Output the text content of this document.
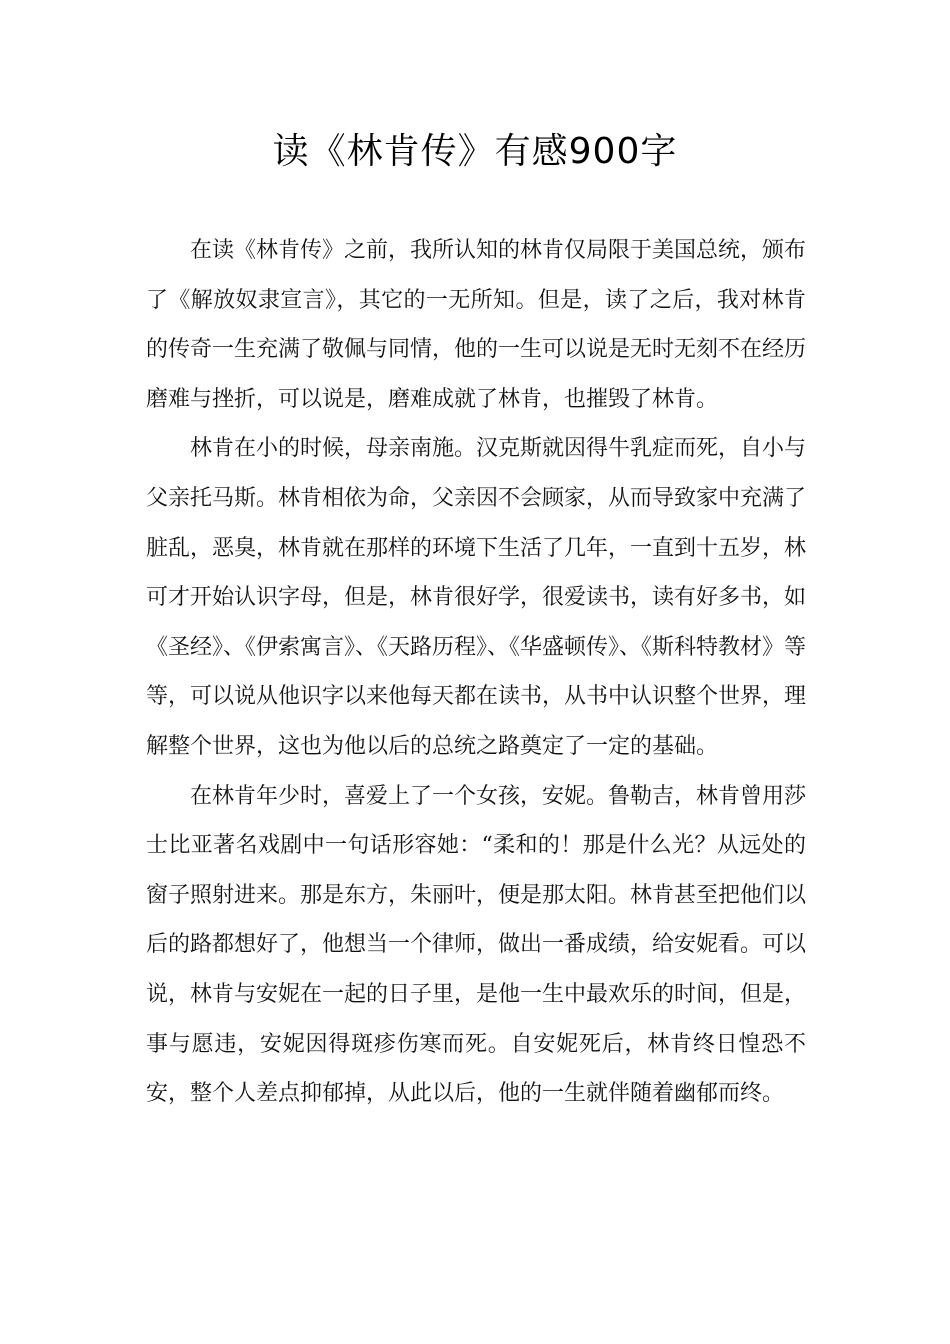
读《林肯传》有感900字

在读《林肯传》之前，我所认知的林肯仅局限于美国总统，颁布了《解放奴隶宣言》，其它的一无所知。但是，读了之后，我对林肯的传奇一生充满了敬佩与同情，他的一生可以说是无时无刻不在经历磨难与挫折，可以说是，磨难成就了林肯，也摧毁了林肯。

林肯在小的时候，母亲南施。汉克斯就因得牛乳症而死，自小与父亲托马斯。林肯相依为命，父亲因不会顾家，从而导致家中充满了脏乱，恶臭，林肯就在那样的环境下生活了几年，一直到十五岁，林可才开始认识字母，但是，林肯很好学，很爱读书，读有好多书，如《圣经》、《伊索寓言》、《天路历程》、《华盛顿传》、《斯科特教材》等等，可以说从他识字以来他每天都在读书，从书中认识整个世界，理解整个世界，这也为他以后的总统之路奠定了一定的基础。

在林肯年少时，喜爱上了一个女孩，安妮。鲁勒吉，林肯曾用莎士比亚著名戏剧中一句话形容她：“柔和的！那是什么光？从远处的窗子照射进来。那是东方，朱丽叶，便是那太阳。林肯甚至把他们以后的路都想好了，他想当一个律师，做出一番成绩，给安妮看。可以说，林肯与安妮在一起的日子里，是他一生中最欢乐的时间，但是，事与愿违，安妮因得斑疹伤寒而死。自安妮死后，林肯终日惶恐不安，整个人差点抑郁掉，从此以后，他的一生就伴随着幽郁而终。
